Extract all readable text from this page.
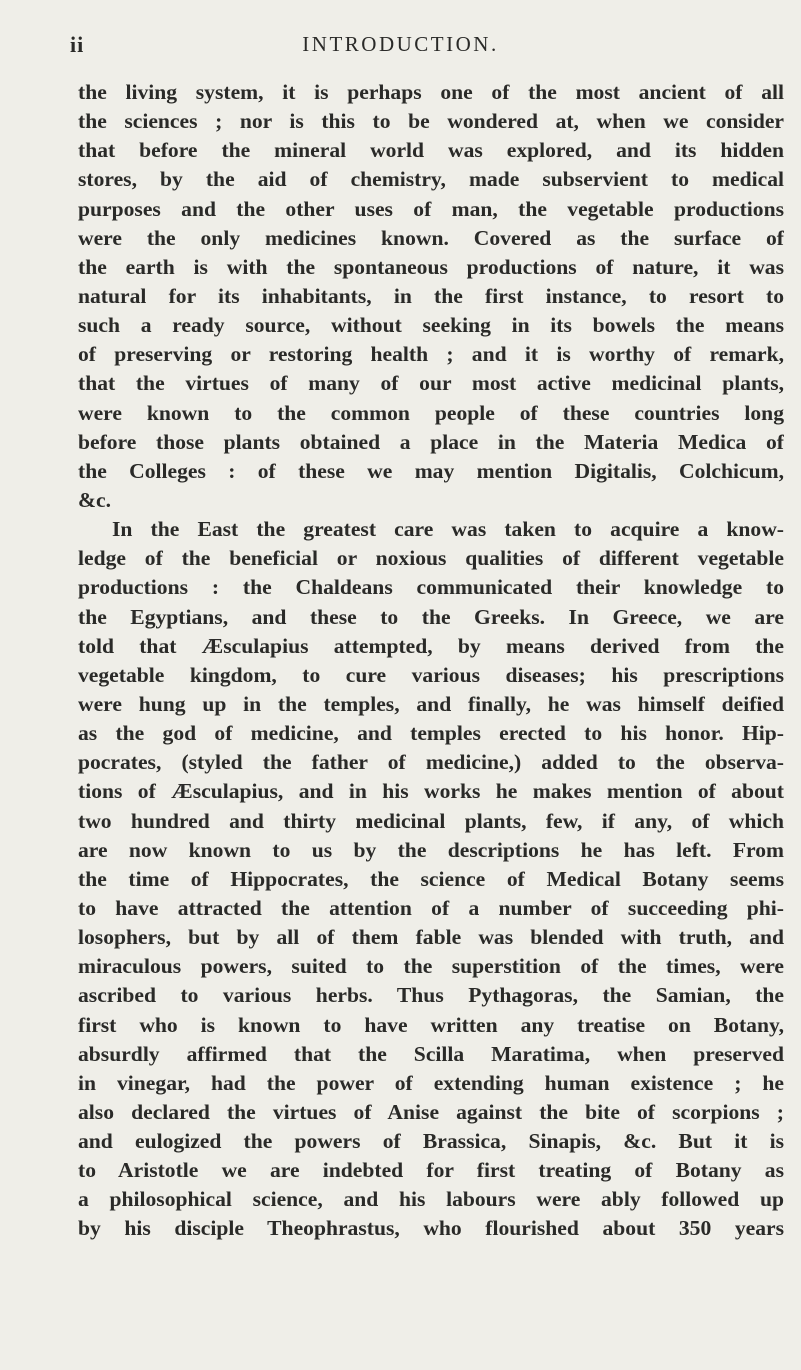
ii	INTRODUCTION.
the living system, it is perhaps one of the most ancient of all
the sciences ; nor is this to be wondered at, when we consider
that before the mineral world was explored, and its hidden
stores, by the aid of chemistry, made subservient to medical
purposes and the other uses of man, the vegetable productions
were the only medicines known. Covered as the surface of
the earth is with the spontaneous productions of nature, it was
natural for its inhabitants, in the first instance, to resort to
such a ready source, without seeking in its bowels the means
of preserving or restoring health ; and it is worthy of remark,
that the virtues of many of our most active medicinal plants,
were known to the common people of these countries long
before those plants obtained a place in the Materia Medica of
the Colleges : of these we may mention Digitalis, Colchicum,
&c.
In the East the greatest care was taken to acquire a know-
ledge of the beneficial or noxious qualities of different vegetable
productions : the Chaldeans communicated their knowledge to
the Egyptians, and these to the Greeks. In Greece, we are
told that Æsculapius attempted, by means derived from the
vegetable kingdom, to cure various diseases; his prescriptions
were hung up in the temples, and finally, he was himself deified
as the god of medicine, and temples erected to his honor. Hip-
pocrates, (styled the father of medicine,) added to the observa-
tions of Æsculapius, and in his works he makes mention of about
two hundred and thirty medicinal plants, few, if any, of which
are now known to us by the descriptions he has left. From
the time of Hippocrates, the science of Medical Botany seems
to have attracted the attention of a number of succeeding phi-
losophers, but by all of them fable was blended with truth, and
miraculous powers, suited to the superstition of the times, were
ascribed to various herbs. Thus Pythagoras, the Samian, the
first who is known to have written any treatise on Botany,
absurdly affirmed that the Scilla Maratima, when preserved
in vinegar, had the power of extending human existence ; he
also declared the virtues of Anise against the bite of scorpions ;
and eulogized the powers of Brassica, Sinapis, &c. But it is
to Aristotle we are indebted for first treating of Botany as
a philosophical science, and his labours were ably followed up
by his disciple Theophrastus, who flourished about 350 years
